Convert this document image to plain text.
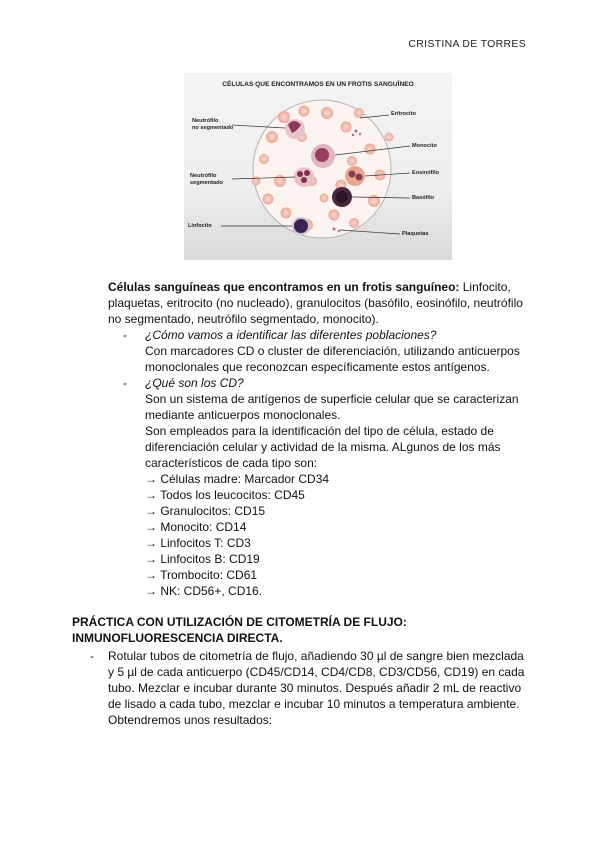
CRISTINA DE TORRES
CÉLULAS QUE ENCONTRAMOS EN UN FROTIS SANGUÍNEO
Neutrófilo
no segmentado
Neutrófilo
segmentado
Linfocito
Eritrocito
Monocito
Eosinófilo
Basófilo
Plaquetas

Células sanguíneas que encontramos en un frotis sanguíneo: Linfocito, plaquetas, eritrocito (no nucleado), granulocitos (basófilo, eosinófilo, neutrófilo no segmentado, neutrófilo segmentado, monocito).

-	¿Cómo vamos a identificar las diferentes poblaciones?
Con marcadores CD o cluster de diferenciación, utilizando anticuerpos monoclonales que reconozcan específicamente estos antígenos.
-	¿Qué son los CD?
Son un sistema de antígenos de superficie celular que se caracterizan mediante anticuerpos monoclonales.
Son empleados para la identificación del tipo de célula, estado de diferenciación celular y actividad de la misma. ALgunos de los más característicos de cada tipo son:
→ Células madre: Marcador CD34
→ Todos los leucocitos: CD45
→ Granulocitos: CD15
→ Monocito: CD14
→ Linfocitos T: CD3
→ Linfocitos B: CD19
→ Trombocito: CD61
→ NK: CD56+, CD16.
PRÁCTICA CON UTILIZACIÓN DE CITOMETRÍA DE FLUJO:
INMUNOFLUORESCENCIA DIRECTA.
-	Rotular tubos de citometría de flujo, añadiendo 30 µl de sangre bien mezclada y 5 µl de cada anticuerpo (CD45/CD14, CD4/CD8, CD3/CD56, CD19) en cada tubo. Mezclar e incubar durante 30 minutos. Después añadir 2 mL de reactivo de lisado a cada tubo, mezclar e incubar 10 minutos a temperatura ambiente. Obtendremos unos resultados:
